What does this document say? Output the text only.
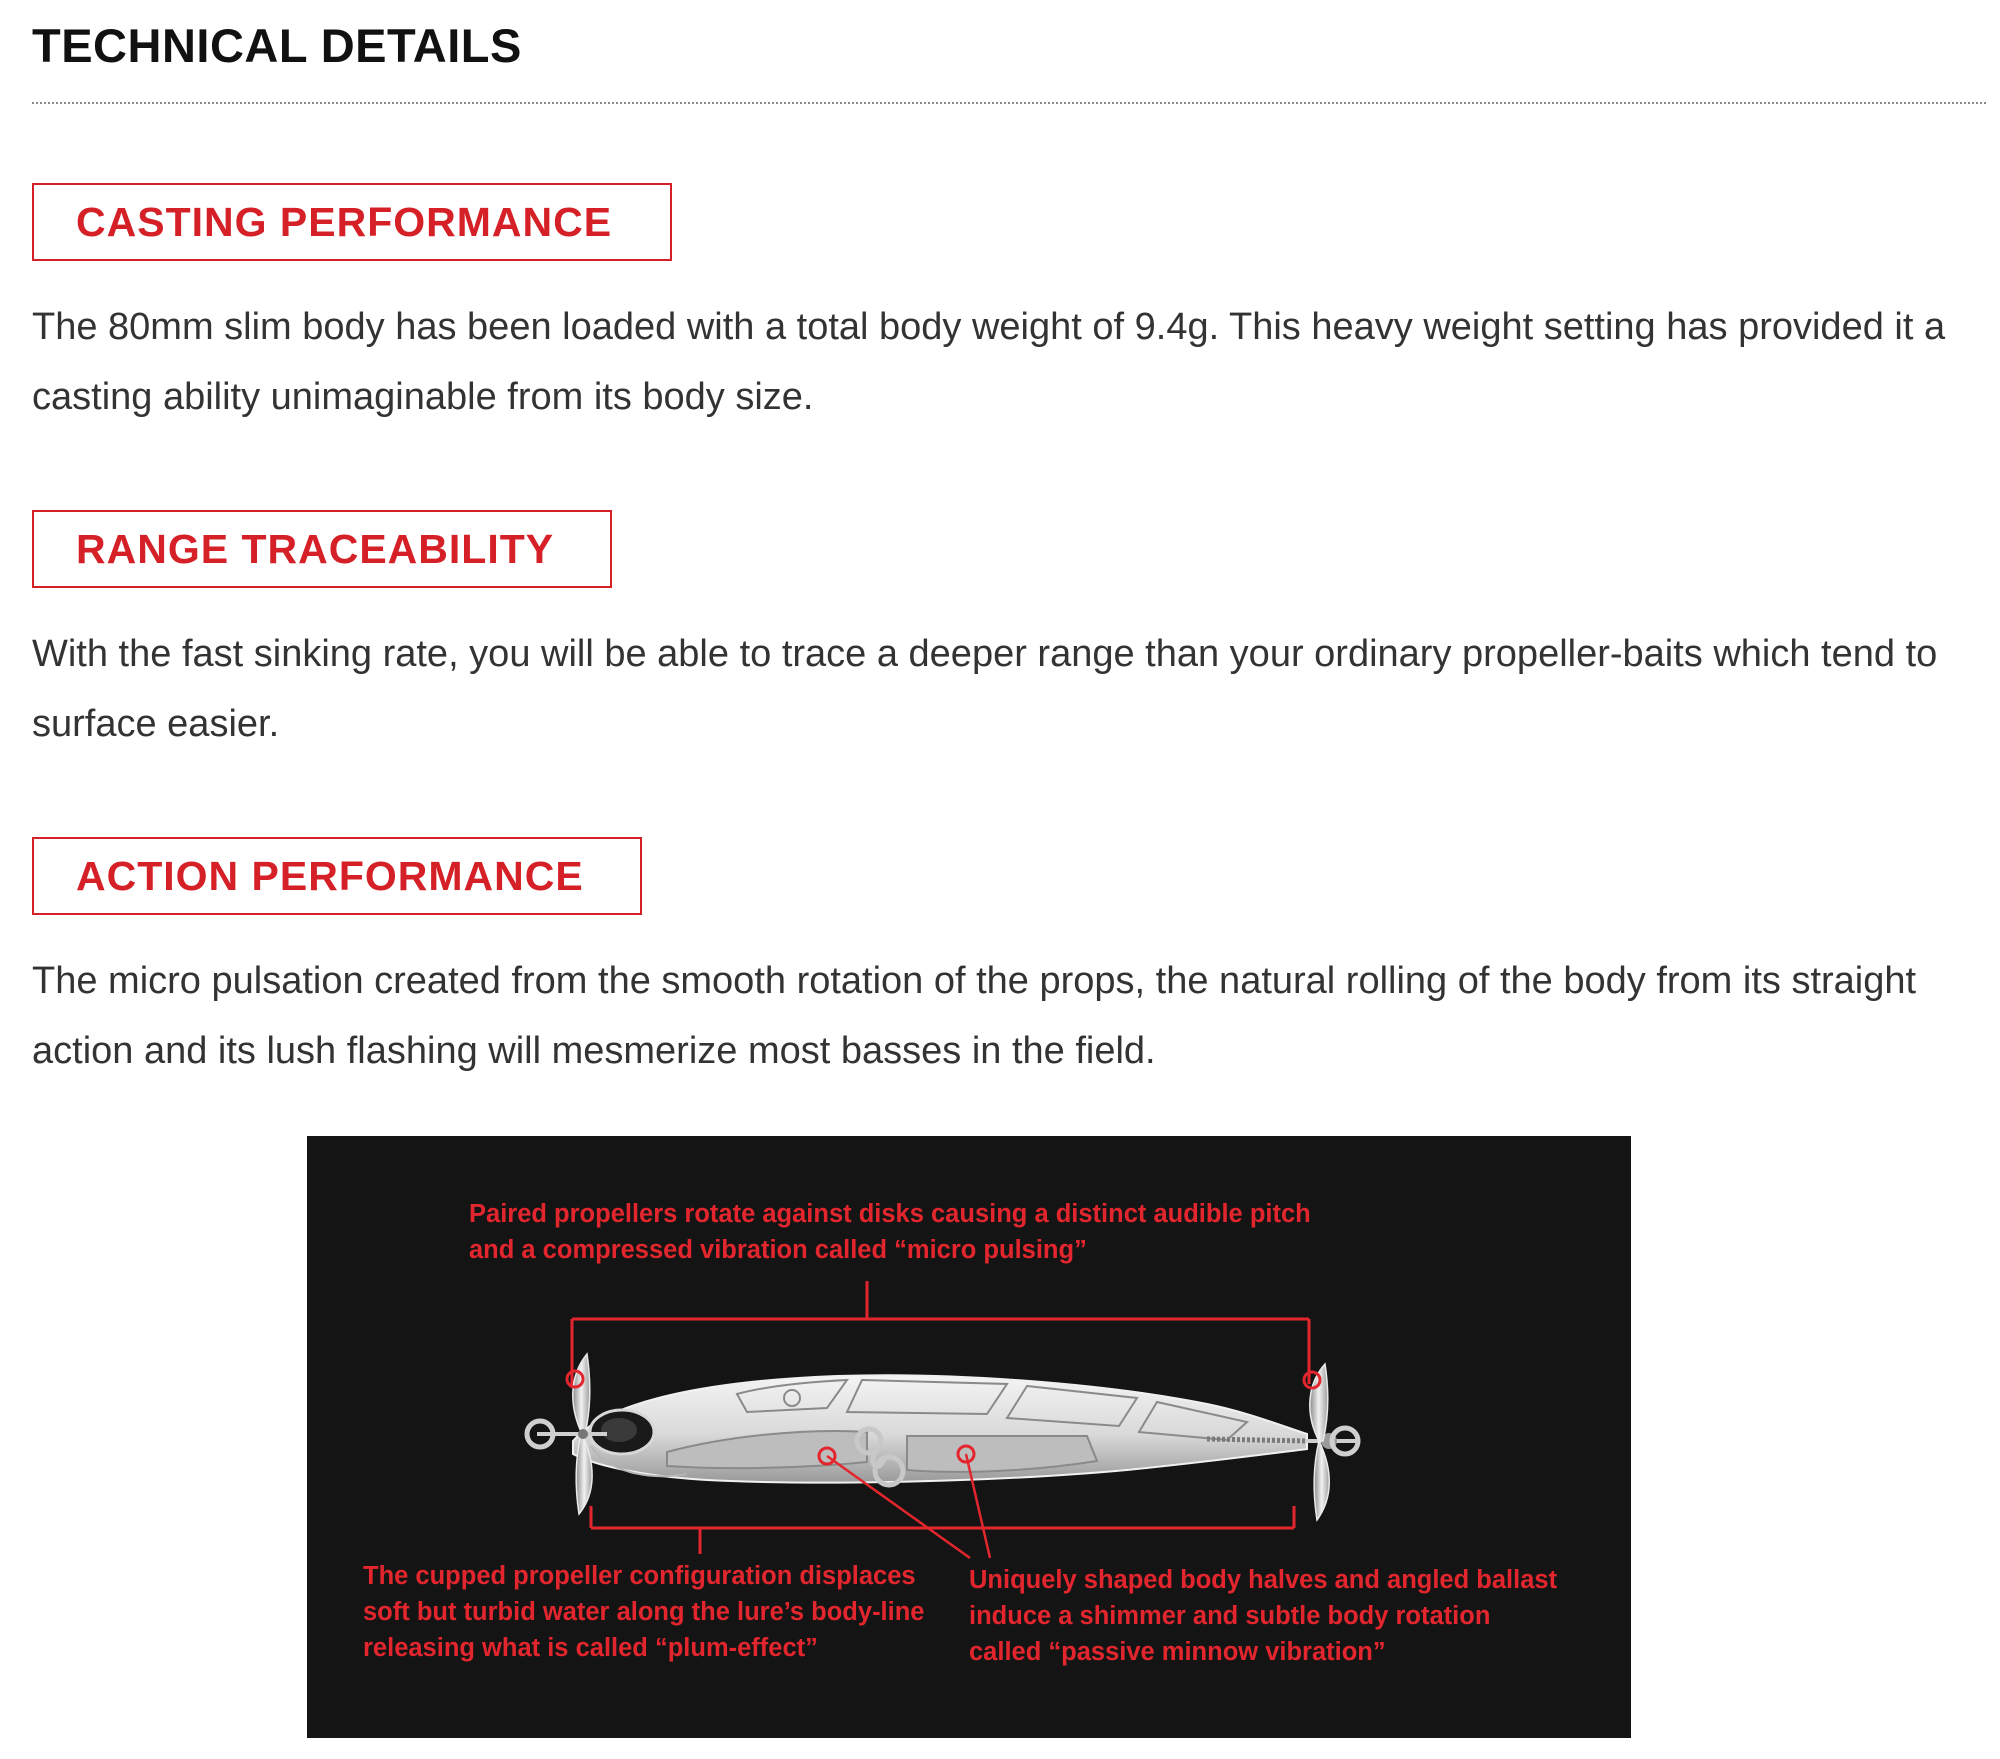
TECHNICAL DETAILS
CASTING PERFORMANCE

The 80mm slim body has been loaded with a total body weight of 9.4g. This heavy weight setting has provided it a casting ability unimaginable from its body size.

RANGE TRACEABILITY

With the fast sinking rate, you will be able to trace a deeper range than your ordinary propeller-baits which tend to surface easier.

ACTION PERFORMANCE

The micro pulsation created from the smooth rotation of the props, the natural rolling of the body from its straight action and its lush flashing will mesmerize most basses in the field.

Paired propellers rotate against disks causing a distinct audible pitch
and a compressed vibration called “micro pulsing”
The cupped propeller configuration displaces
soft but turbid water along the lure’s body-line
releasing what is called “plum-effect”
Uniquely shaped body halves and angled ballast
induce a shimmer and subtle body rotation
called “passive minnow vibration”
